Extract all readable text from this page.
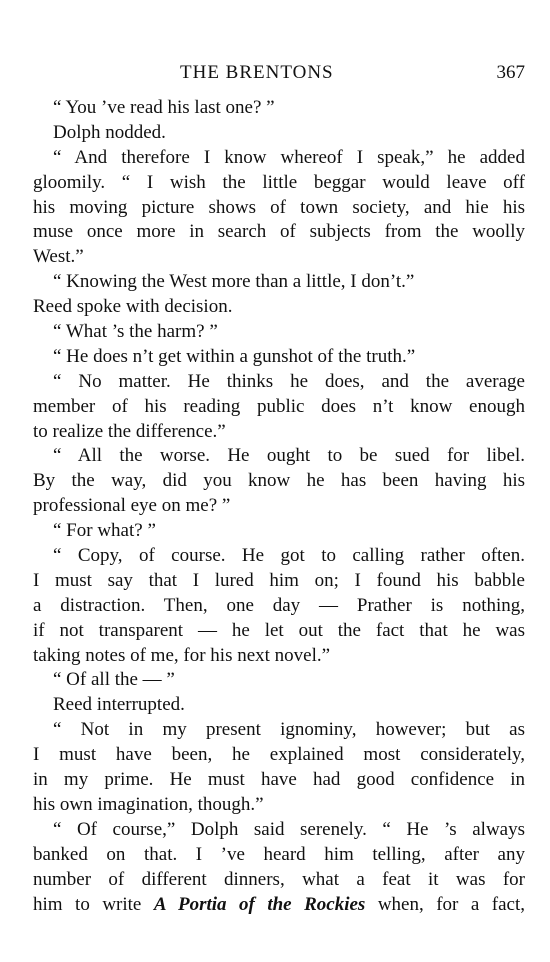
THE BRENTONS	367
“ You ’ve read his last one? ”
Dolph nodded.
“ And therefore I know whereof I speak,” he added
gloomily. “ I wish the little beggar would leave off
his moving picture shows of town society, and hie his
muse once more in search of subjects from the woolly
West.”
“ Knowing the West more than a little, I don’t.”
Reed spoke with decision.
“ What ’s the harm? ”
“ He does n’t get within a gunshot of the truth.”
“ No matter. He thinks he does, and the average
member of his reading public does n’t know enough
to realize the difference.”
“ All the worse. He ought to be sued for libel.
By the way, did you know he has been having his
professional eye on me? ”
“ For what? ”
“ Copy, of course. He got to calling rather often.
I must say that I lured him on; I found his babble
a distraction. Then, one day — Prather is nothing,
if not transparent — he let out the fact that he was
taking notes of me, for his next novel.”
“ Of all the — ”
Reed interrupted.
“ Not in my present ignominy, however; but as
I must have been, he explained most considerately,
in my prime. He must have had good confidence in
his own imagination, though.”
“ Of course,” Dolph said serenely. “ He ’s always
banked on that. I ’ve heard him telling, after any
number of different dinners, what a feat it was for
him to write A Portia of the Rockies when, for a fact,
